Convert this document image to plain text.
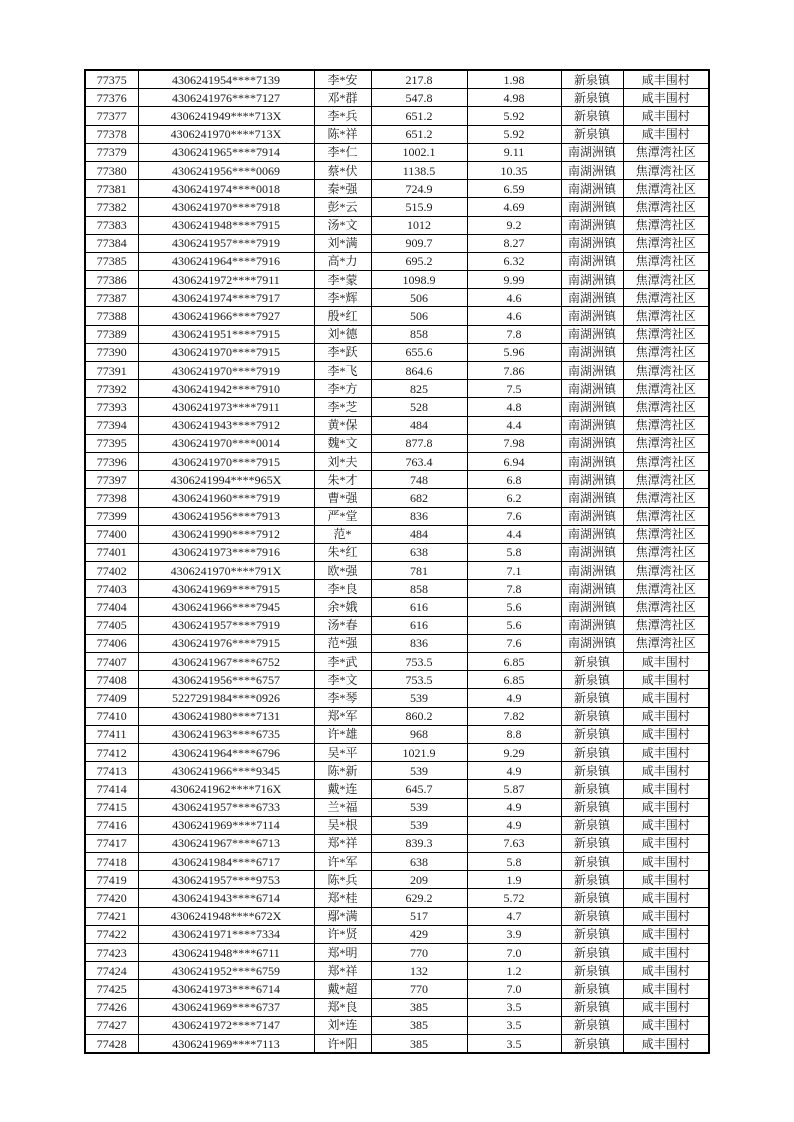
77375	4306241954****7139	李*安	217.8	1.98	新泉镇	咸丰围村
77376	4306241976****7127	邓*群	547.8	4.98	新泉镇	咸丰围村
77377	4306241949****713X	李*兵	651.2	5.92	新泉镇	咸丰围村
77378	4306241970****713X	陈*祥	651.2	5.92	新泉镇	咸丰围村
77379	4306241965****7914	李*仁	1002.1	9.11	南湖洲镇	焦潭湾社区
77380	4306241956****0069	蔡*伏	1138.5	10.35	南湖洲镇	焦潭湾社区
77381	4306241974****0018	秦*强	724.9	6.59	南湖洲镇	焦潭湾社区
77382	4306241970****7918	彭*云	515.9	4.69	南湖洲镇	焦潭湾社区
77383	4306241948****7915	汤*文	1012	9.2	南湖洲镇	焦潭湾社区
77384	4306241957****7919	刘*满	909.7	8.27	南湖洲镇	焦潭湾社区
77385	4306241964****7916	高*力	695.2	6.32	南湖洲镇	焦潭湾社区
77386	4306241972****7911	李*蒙	1098.9	9.99	南湖洲镇	焦潭湾社区
77387	4306241974****7917	李*辉	506	4.6	南湖洲镇	焦潭湾社区
77388	4306241966****7927	殷*红	506	4.6	南湖洲镇	焦潭湾社区
77389	4306241951****7915	刘*德	858	7.8	南湖洲镇	焦潭湾社区
77390	4306241970****7915	李*跃	655.6	5.96	南湖洲镇	焦潭湾社区
77391	4306241970****7919	李*飞	864.6	7.86	南湖洲镇	焦潭湾社区
77392	4306241942****7910	李*方	825	7.5	南湖洲镇	焦潭湾社区
77393	4306241973****7911	李*芝	528	4.8	南湖洲镇	焦潭湾社区
77394	4306241943****7912	黄*保	484	4.4	南湖洲镇	焦潭湾社区
77395	4306241970****0014	魏*文	877.8	7.98	南湖洲镇	焦潭湾社区
77396	4306241970****7915	刘*夫	763.4	6.94	南湖洲镇	焦潭湾社区
77397	4306241994****965X	朱*才	748	6.8	南湖洲镇	焦潭湾社区
77398	4306241960****7919	曹*强	682	6.2	南湖洲镇	焦潭湾社区
77399	4306241956****7913	严*堂	836	7.6	南湖洲镇	焦潭湾社区
77400	4306241990****7912	范*	484	4.4	南湖洲镇	焦潭湾社区
77401	4306241973****7916	朱*红	638	5.8	南湖洲镇	焦潭湾社区
77402	4306241970****791X	欧*强	781	7.1	南湖洲镇	焦潭湾社区
77403	4306241969****7915	李*良	858	7.8	南湖洲镇	焦潭湾社区
77404	4306241966****7945	余*娥	616	5.6	南湖洲镇	焦潭湾社区
77405	4306241957****7919	汤*春	616	5.6	南湖洲镇	焦潭湾社区
77406	4306241976****7915	范*强	836	7.6	南湖洲镇	焦潭湾社区
77407	4306241967****6752	李*武	753.5	6.85	新泉镇	咸丰围村
77408	4306241956****6757	李*文	753.5	6.85	新泉镇	咸丰围村
77409	5227291984****0926	李*琴	539	4.9	新泉镇	咸丰围村
77410	4306241980****7131	郑*军	860.2	7.82	新泉镇	咸丰围村
77411	4306241963****6735	许*雄	968	8.8	新泉镇	咸丰围村
77412	4306241964****6796	吴*平	1021.9	9.29	新泉镇	咸丰围村
77413	4306241966****9345	陈*新	539	4.9	新泉镇	咸丰围村
77414	4306241962****716X	戴*连	645.7	5.87	新泉镇	咸丰围村
77415	4306241957****6733	兰*福	539	4.9	新泉镇	咸丰围村
77416	4306241969****7114	吴*根	539	4.9	新泉镇	咸丰围村
77417	4306241967****6713	郑*祥	839.3	7.63	新泉镇	咸丰围村
77418	4306241984****6717	许*军	638	5.8	新泉镇	咸丰围村
77419	4306241957****9753	陈*兵	209	1.9	新泉镇	咸丰围村
77420	4306241943****6714	郑*桂	629.2	5.72	新泉镇	咸丰围村
77421	4306241948****672X	鄢*满	517	4.7	新泉镇	咸丰围村
77422	4306241971****7334	许*贤	429	3.9	新泉镇	咸丰围村
77423	4306241948****6711	郑*明	770	7.0	新泉镇	咸丰围村
77424	4306241952****6759	郑*祥	132	1.2	新泉镇	咸丰围村
77425	4306241973****6714	戴*超	770	7.0	新泉镇	咸丰围村
77426	4306241969****6737	郑*良	385	3.5	新泉镇	咸丰围村
77427	4306241972****7147	刘*连	385	3.5	新泉镇	咸丰围村
77428	4306241969****7113	许*阳	385	3.5	新泉镇	咸丰围村
